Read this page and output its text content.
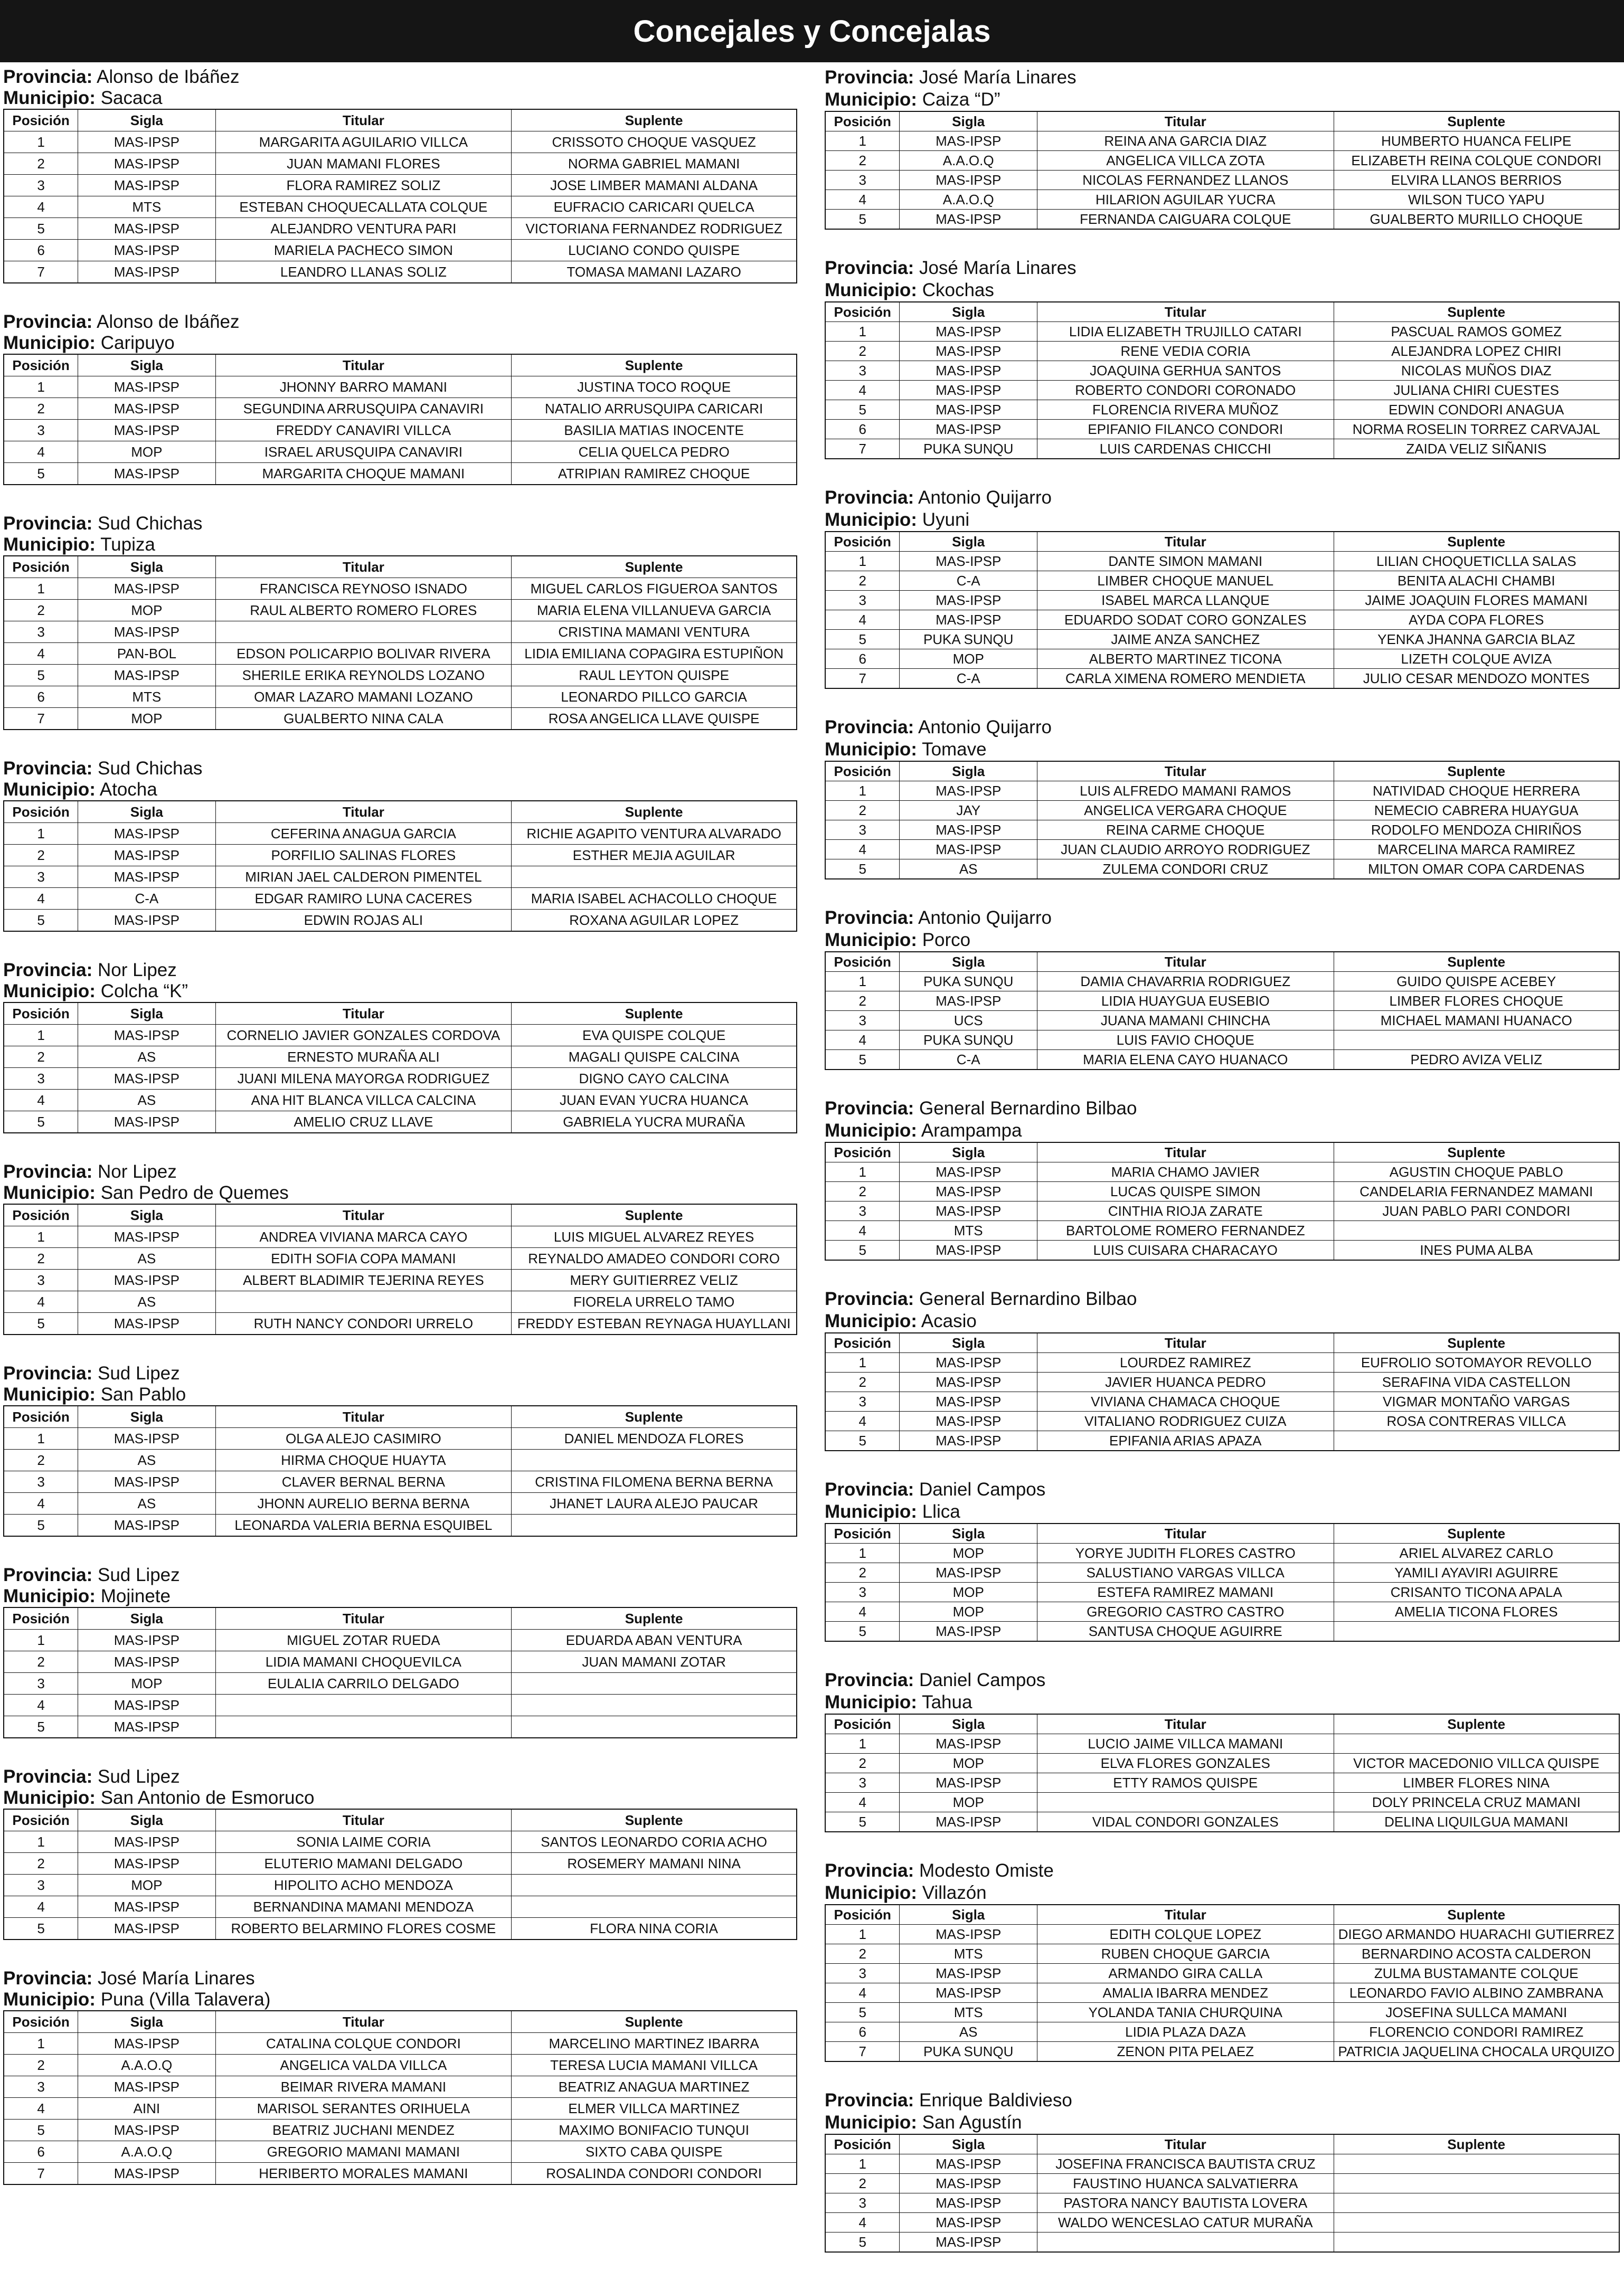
Concejales y Concejalas
Provincia: Alonso de Ibáñez
Municipio: Sacaca
Posición	Sigla	Titular	Suplente
1	MAS-IPSP	MARGARITA AGUILARIO VILLCA	CRISSOTO CHOQUE VASQUEZ
2	MAS-IPSP	JUAN MAMANI FLORES	NORMA GABRIEL MAMANI
3	MAS-IPSP	FLORA RAMIREZ SOLIZ	JOSE LIMBER MAMANI ALDANA
4	MTS	ESTEBAN CHOQUECALLATA COLQUE	EUFRACIO CARICARI QUELCA
5	MAS-IPSP	ALEJANDRO VENTURA PARI	VICTORIANA FERNANDEZ RODRIGUEZ
6	MAS-IPSP	MARIELA PACHECO SIMON	LUCIANO CONDO QUISPE
7	MAS-IPSP	LEANDRO LLANAS SOLIZ	TOMASA MAMANI LAZARO
Provincia: Alonso de Ibáñez
Municipio: Caripuyo
Posición	Sigla	Titular	Suplente
1	MAS-IPSP	JHONNY BARRO MAMANI	JUSTINA TOCO ROQUE
2	MAS-IPSP	SEGUNDINA ARRUSQUIPA CANAVIRI	NATALIO ARRUSQUIPA CARICARI
3	MAS-IPSP	FREDDY CANAVIRI VILLCA	BASILIA MATIAS INOCENTE
4	MOP	ISRAEL ARUSQUIPA CANAVIRI	CELIA QUELCA PEDRO
5	MAS-IPSP	MARGARITA CHOQUE MAMANI	ATRIPIAN RAMIREZ CHOQUE
Provincia: Sud Chichas
Municipio: Tupiza
Posición	Sigla	Titular	Suplente
1	MAS-IPSP	FRANCISCA REYNOSO ISNADO	MIGUEL CARLOS FIGUEROA SANTOS
2	MOP	RAUL ALBERTO ROMERO FLORES	MARIA ELENA VILLANUEVA GARCIA
3	MAS-IPSP		CRISTINA MAMANI VENTURA
4	PAN-BOL	EDSON POLICARPIO BOLIVAR RIVERA	LIDIA EMILIANA COPAGIRA ESTUPIÑON
5	MAS-IPSP	SHERILE ERIKA REYNOLDS LOZANO	RAUL LEYTON QUISPE
6	MTS	OMAR LAZARO MAMANI LOZANO	LEONARDO PILLCO GARCIA
7	MOP	GUALBERTO NINA CALA	ROSA ANGELICA LLAVE QUISPE
Provincia: Sud Chichas
Municipio: Atocha
Posición	Sigla	Titular	Suplente
1	MAS-IPSP	CEFERINA ANAGUA GARCIA	RICHIE AGAPITO VENTURA ALVARADO
2	MAS-IPSP	PORFILIO SALINAS FLORES	ESTHER MEJIA AGUILAR
3	MAS-IPSP	MIRIAN JAEL CALDERON PIMENTEL	
4	C-A	EDGAR RAMIRO LUNA CACERES	MARIA ISABEL ACHACOLLO CHOQUE
5	MAS-IPSP	EDWIN ROJAS ALI	ROXANA AGUILAR LOPEZ
Provincia: Nor Lipez
Municipio: Colcha “K”
Posición	Sigla	Titular	Suplente
1	MAS-IPSP	CORNELIO JAVIER GONZALES CORDOVA	EVA QUISPE COLQUE
2	AS	ERNESTO MURAÑA ALI	MAGALI QUISPE CALCINA
3	MAS-IPSP	JUANI MILENA MAYORGA RODRIGUEZ	DIGNO CAYO CALCINA
4	AS	ANA HIT BLANCA VILLCA CALCINA	JUAN EVAN YUCRA HUANCA
5	MAS-IPSP	AMELIO CRUZ LLAVE	GABRIELA YUCRA MURAÑA
Provincia: Nor Lipez
Municipio: San Pedro de Quemes
Posición	Sigla	Titular	Suplente
1	MAS-IPSP	ANDREA VIVIANA MARCA CAYO	LUIS MIGUEL ALVAREZ REYES
2	AS	EDITH SOFIA COPA MAMANI	REYNALDO AMADEO CONDORI CORO
3	MAS-IPSP	ALBERT BLADIMIR TEJERINA REYES	MERY GUITIERREZ VELIZ
4	AS		FIORELA URRELO TAMO
5	MAS-IPSP	RUTH NANCY CONDORI URRELO	FREDDY ESTEBAN REYNAGA HUAYLLANI
Provincia: Sud Lipez
Municipio: San Pablo
Posición	Sigla	Titular	Suplente
1	MAS-IPSP	OLGA ALEJO CASIMIRO	DANIEL MENDOZA FLORES
2	AS	HIRMA CHOQUE HUAYTA	
3	MAS-IPSP	CLAVER BERNAL BERNA	CRISTINA FILOMENA BERNA BERNA
4	AS	JHONN AURELIO BERNA BERNA	JHANET LAURA ALEJO PAUCAR
5	MAS-IPSP	LEONARDA VALERIA BERNA ESQUIBEL	
Provincia: Sud Lipez
Municipio: Mojinete
Posición	Sigla	Titular	Suplente
1	MAS-IPSP	MIGUEL ZOTAR RUEDA	EDUARDA ABAN VENTURA
2	MAS-IPSP	LIDIA MAMANI CHOQUEVILCA	JUAN MAMANI ZOTAR
3	MOP	EULALIA CARRILO DELGADO	
4	MAS-IPSP		
5	MAS-IPSP		
Provincia: Sud Lipez
Municipio: San Antonio de Esmoruco
Posición	Sigla	Titular	Suplente
1	MAS-IPSP	SONIA LAIME CORIA	SANTOS LEONARDO CORIA ACHO
2	MAS-IPSP	ELUTERIO MAMANI DELGADO	ROSEMERY MAMANI NINA
3	MOP	HIPOLITO ACHO MENDOZA	
4	MAS-IPSP	BERNANDINA MAMANI MENDOZA	
5	MAS-IPSP	ROBERTO BELARMINO FLORES COSME	FLORA NINA CORIA
Provincia: José María Linares
Municipio: Puna (Villa Talavera)
Posición	Sigla	Titular	Suplente
1	MAS-IPSP	CATALINA COLQUE CONDORI	MARCELINO MARTINEZ IBARRA
2	A.A.O.Q	ANGELICA VALDA VILLCA	TERESA LUCIA MAMANI VILLCA
3	MAS-IPSP	BEIMAR RIVERA MAMANI	BEATRIZ ANAGUA MARTINEZ
4	AINI	MARISOL SERANTES ORIHUELA	ELMER VILLCA MARTINEZ
5	MAS-IPSP	BEATRIZ JUCHANI MENDEZ	MAXIMO BONIFACIO TUNQUI
6	A.A.O.Q	GREGORIO MAMANI MAMANI	SIXTO CABA QUISPE
7	MAS-IPSP	HERIBERTO MORALES MAMANI	ROSALINDA CONDORI CONDORI
Provincia: José María Linares
Municipio: Caiza “D”
Posición	Sigla	Titular	Suplente
1	MAS-IPSP	REINA ANA GARCIA DIAZ	HUMBERTO HUANCA FELIPE
2	A.A.O.Q	ANGELICA VILLCA ZOTA	ELIZABETH REINA COLQUE CONDORI
3	MAS-IPSP	NICOLAS FERNANDEZ LLANOS	ELVIRA LLANOS BERRIOS
4	A.A.O.Q	HILARION AGUILAR YUCRA	WILSON TUCO YAPU
5	MAS-IPSP	FERNANDA CAIGUARA COLQUE	GUALBERTO MURILLO CHOQUE
Provincia: José María Linares
Municipio: Ckochas
Posición	Sigla	Titular	Suplente
1	MAS-IPSP	LIDIA ELIZABETH TRUJILLO CATARI	PASCUAL RAMOS GOMEZ
2	MAS-IPSP	RENE VEDIA CORIA	ALEJANDRA LOPEZ CHIRI
3	MAS-IPSP	JOAQUINA GERHUA SANTOS	NICOLAS MUÑOS DIAZ
4	MAS-IPSP	ROBERTO CONDORI CORONADO	JULIANA CHIRI CUESTES
5	MAS-IPSP	FLORENCIA RIVERA MUÑOZ	EDWIN CONDORI ANAGUA
6	MAS-IPSP	EPIFANIO FILANCO CONDORI	NORMA ROSELIN TORREZ CARVAJAL
7	PUKA SUNQU	LUIS CARDENAS CHICCHI	ZAIDA VELIZ SIÑANIS
Provincia: Antonio Quijarro
Municipio: Uyuni
Posición	Sigla	Titular	Suplente
1	MAS-IPSP	DANTE SIMON MAMANI	LILIAN CHOQUETICLLA SALAS
2	C-A	LIMBER CHOQUE MANUEL	BENITA ALACHI CHAMBI
3	MAS-IPSP	ISABEL MARCA LLANQUE	JAIME JOAQUIN FLORES MAMANI
4	MAS-IPSP	EDUARDO SODAT CORO GONZALES	AYDA COPA FLORES
5	PUKA SUNQU	JAIME ANZA SANCHEZ	YENKA JHANNA GARCIA BLAZ
6	MOP	ALBERTO MARTINEZ TICONA	LIZETH COLQUE AVIZA
7	C-A	CARLA XIMENA ROMERO MENDIETA	JULIO CESAR MENDOZO MONTES
Provincia: Antonio Quijarro
Municipio: Tomave
Posición	Sigla	Titular	Suplente
1	MAS-IPSP	LUIS ALFREDO MAMANI RAMOS	NATIVIDAD CHOQUE HERRERA
2	JAY	ANGELICA VERGARA CHOQUE	NEMECIO CABRERA HUAYGUA
3	MAS-IPSP	REINA CARME CHOQUE	RODOLFO MENDOZA CHIRIÑOS
4	MAS-IPSP	JUAN CLAUDIO ARROYO RODRIGUEZ	MARCELINA MARCA RAMIREZ
5	AS	ZULEMA CONDORI CRUZ	MILTON OMAR COPA CARDENAS
Provincia: Antonio Quijarro
Municipio: Porco
Posición	Sigla	Titular	Suplente
1	PUKA SUNQU	DAMIA CHAVARRIA RODRIGUEZ	GUIDO QUISPE ACEBEY
2	MAS-IPSP	LIDIA HUAYGUA EUSEBIO	LIMBER FLORES CHOQUE
3	UCS	JUANA MAMANI CHINCHA	MICHAEL MAMANI HUANACO
4	PUKA SUNQU	LUIS FAVIO CHOQUE	
5	C-A	MARIA ELENA CAYO HUANACO	PEDRO AVIZA VELIZ
Provincia: General Bernardino Bilbao
Municipio: Arampampa
Posición	Sigla	Titular	Suplente
1	MAS-IPSP	MARIA CHAMO JAVIER	AGUSTIN CHOQUE PABLO
2	MAS-IPSP	LUCAS QUISPE SIMON	CANDELARIA FERNANDEZ MAMANI
3	MAS-IPSP	CINTHIA RIOJA ZARATE	JUAN PABLO PARI CONDORI
4	MTS	BARTOLOME ROMERO FERNANDEZ	
5	MAS-IPSP	LUIS CUISARA CHARACAYO	INES PUMA ALBA
Provincia: General Bernardino Bilbao
Municipio: Acasio
Posición	Sigla	Titular	Suplente
1	MAS-IPSP	LOURDEZ RAMIREZ	EUFROLIO SOTOMAYOR REVOLLO
2	MAS-IPSP	JAVIER HUANCA PEDRO	SERAFINA VIDA CASTELLON
3	MAS-IPSP	VIVIANA CHAMACA CHOQUE	VIGMAR MONTAÑO VARGAS
4	MAS-IPSP	VITALIANO RODRIGUEZ CUIZA	ROSA CONTRERAS VILLCA
5	MAS-IPSP	EPIFANIA ARIAS APAZA	
Provincia: Daniel Campos
Municipio: Llica
Posición	Sigla	Titular	Suplente
1	MOP	YORYE JUDITH FLORES CASTRO	ARIEL ALVAREZ CARLO
2	MAS-IPSP	SALUSTIANO VARGAS VILLCA	YAMILI AYAVIRI AGUIRRE
3	MOP	ESTEFA RAMIREZ MAMANI	CRISANTO TICONA APALA
4	MOP	GREGORIO CASTRO CASTRO	AMELIA TICONA FLORES
5	MAS-IPSP	SANTUSA CHOQUE AGUIRRE	
Provincia: Daniel Campos
Municipio: Tahua
Posición	Sigla	Titular	Suplente
1	MAS-IPSP	LUCIO JAIME VILLCA MAMANI	
2	MOP	ELVA FLORES GONZALES	VICTOR MACEDONIO VILLCA QUISPE
3	MAS-IPSP	ETTY RAMOS QUISPE	LIMBER FLORES NINA
4	MOP		DOLY PRINCELA CRUZ MAMANI
5	MAS-IPSP	VIDAL CONDORI GONZALES	DELINA LIQUILGUA MAMANI
Provincia: Modesto Omiste
Municipio: Villazón
Posición	Sigla	Titular	Suplente
1	MAS-IPSP	EDITH COLQUE LOPEZ	DIEGO ARMANDO HUARACHI GUTIERREZ
2	MTS	RUBEN CHOQUE GARCIA	BERNARDINO ACOSTA CALDERON
3	MAS-IPSP	ARMANDO GIRA CALLA	ZULMA BUSTAMANTE COLQUE
4	MAS-IPSP	AMALIA IBARRA MENDEZ	LEONARDO FAVIO ALBINO ZAMBRANA
5	MTS	YOLANDA TANIA CHURQUINA	JOSEFINA SULLCA MAMANI
6	AS	LIDIA PLAZA DAZA	FLORENCIO CONDORI RAMIREZ
7	PUKA SUNQU	ZENON PITA PELAEZ	PATRICIA JAQUELINA CHOCALA URQUIZO
Provincia: Enrique Baldivieso
Municipio: San Agustín
Posición	Sigla	Titular	Suplente
1	MAS-IPSP	JOSEFINA FRANCISCA BAUTISTA CRUZ	
2	MAS-IPSP	FAUSTINO HUANCA SALVATIERRA	
3	MAS-IPSP	PASTORA NANCY BAUTISTA LOVERA	
4	MAS-IPSP	WALDO WENCESLAO CATUR MURAÑA	
5	MAS-IPSP		
